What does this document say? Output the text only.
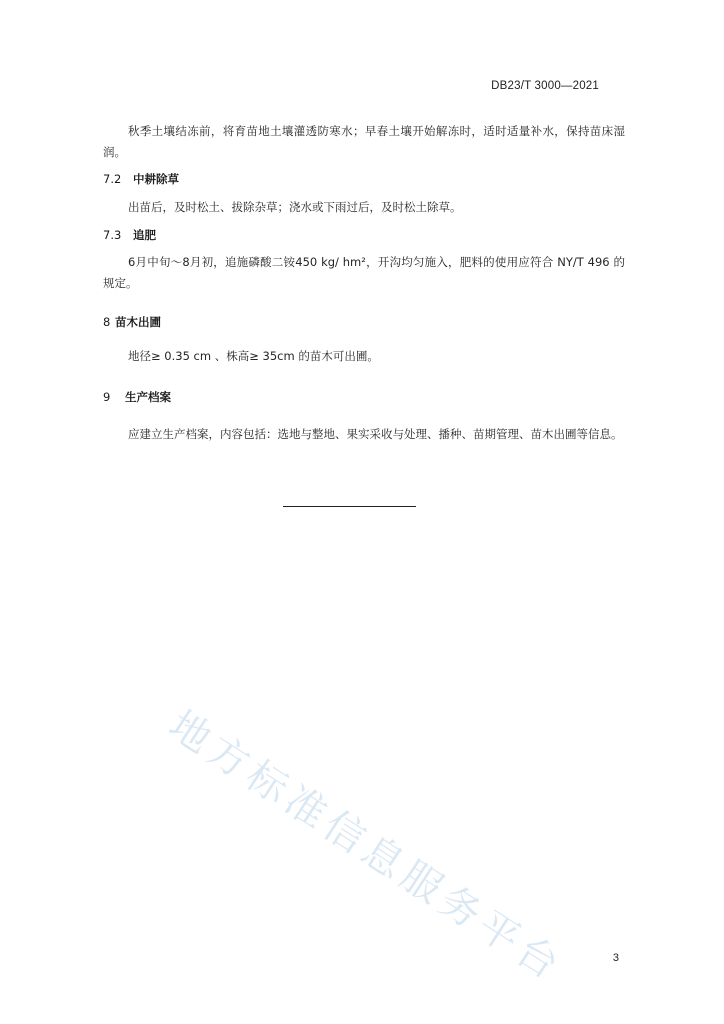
DB23/T 3000—2021
秋季土壤结冻前，将育苗地土壤灌透防寒水；早春土壤开始解冻时，适时适量补水，保持苗床湿润。
7.2 中耕除草
出苗后，及时松土、拔除杂草；浇水或下雨过后，及时松土除草。
7.3 追肥
6月中旬～8月初，追施磷酸二铵450 kg/ hm²，开沟均匀施入，肥料的使用应符合 NY/T 496 的规定。
8 苗木出圃
地径≥ 0.35 cm 、株高≥ 35cm 的苗木可出圃。
9 生产档案
应建立生产档案，内容包括：选地与整地、果实采收与处理、播种、苗期管理、苗木出圃等信息。
地方标准信息服务平台	3
